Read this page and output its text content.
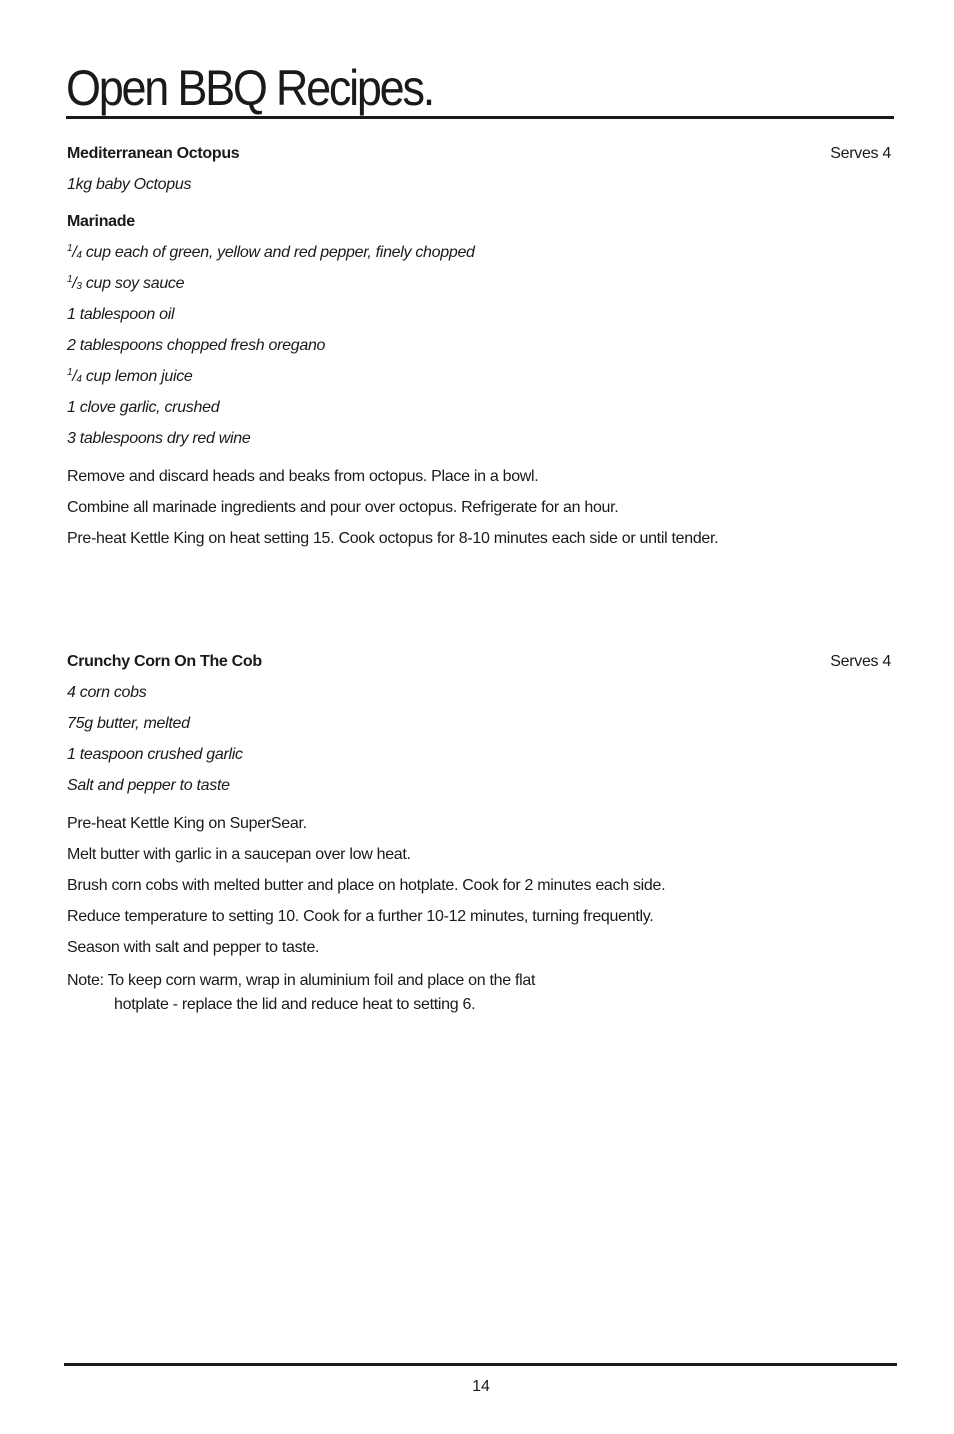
Open BBQ Recipes.
Mediterranean Octopus	Serves 4
1kg baby Octopus
Marinade
$^1/_4$ cup each of green, yellow and red pepper, finely chopped
$^1/_3$ cup soy sauce
1 tablespoon oil
2 tablespoons chopped fresh oregano
$^1/_4$ cup lemon juice
1 clove garlic, crushed
3 tablespoons dry red wine
Remove and discard heads and beaks from octopus. Place in a bowl.
Combine all marinade ingredients and pour over octopus. Refrigerate for an hour.
Pre-heat Kettle King on heat setting 15. Cook octopus for 8-10 minutes each side or until tender.
Crunchy Corn On The Cob	Serves 4
4 corn cobs
75g butter, melted
1 teaspoon crushed garlic
Salt and pepper to taste
Pre-heat Kettle King on SuperSear.
Melt butter with garlic in a saucepan over low heat.
Brush corn cobs with melted butter and place on hotplate. Cook for 2 minutes each side.
Reduce temperature to setting 10. Cook for a further 10-12 minutes, turning frequently.
Season with salt and pepper to taste.
Note: To keep corn warm, wrap in aluminium foil and place on the flat
hotplate - replace the lid and reduce heat to setting 6.
14
